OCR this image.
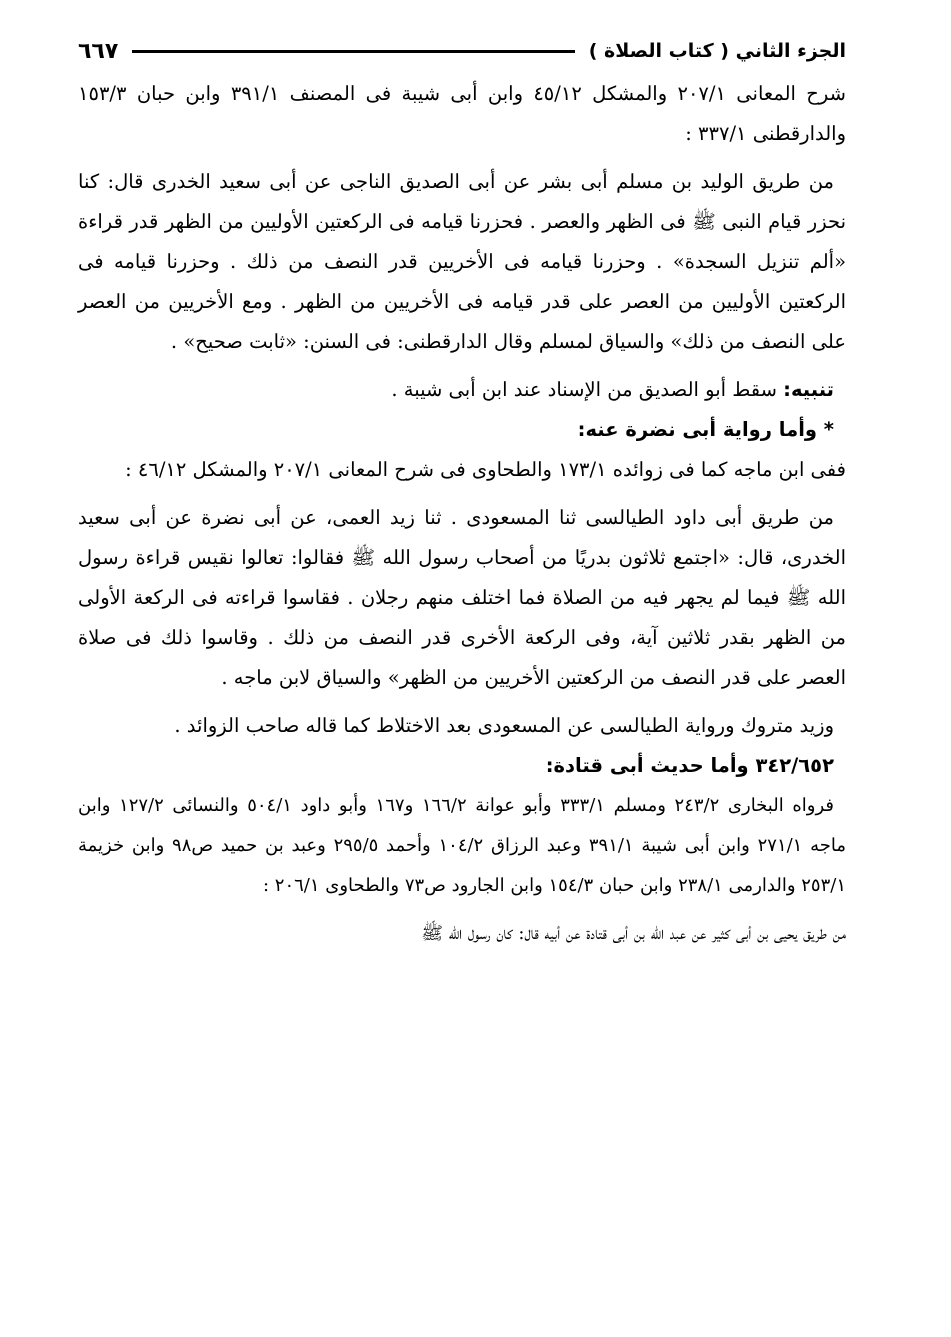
الجزء الثاني ( كتاب الصلاة )
٦٦٧

شرح المعانى ٢٠٧/١ والمشكل ٤٥/١٢ وابن أبى شيبة فى المصنف ٣٩١/١ وابن حبان ١٥٣/٣ والدارقطنى ٣٣٧/١ :

من طريق الوليد بن مسلم أبى بشر عن أبى الصديق الناجى عن أبى سعيد الخدرى قال: كنا نحزر قيام النبى ﷺ فى الظهر والعصر . فحزرنا قيامه فى الركعتين الأوليين من الظهر قدر قراءة «ألم تنزيل السجدة» . وحزرنا قيامه فى الأخريين قدر النصف من ذلك . وحزرنا قيامه فى الركعتين الأوليين من العصر على قدر قيامه فى الأخريين من الظهر . ومع الأخريين من العصر على النصف من ذلك» والسياق لمسلم وقال الدارقطنى: فى السنن: «ثابت صحيح» .

تنبيه: سقط أبو الصديق من الإسناد عند ابن أبى شيبة .

* وأما رواية أبى نضرة عنه:

ففى ابن ماجه كما فى زوائده ١٧٣/١ والطحاوى فى شرح المعانى ٢٠٧/١ والمشكل ٤٦/١٢ :

من طريق أبى داود الطيالسى ثنا المسعودى . ثنا زيد العمى، عن أبى نضرة عن أبى سعيد الخدرى، قال: «اجتمع ثلاثون بدريًا من أصحاب رسول الله ﷺ فقالوا: تعالوا نقيس قراءة رسول الله ﷺ فيما لم يجهر فيه من الصلاة فما اختلف منهم رجلان . فقاسوا قراءته فى الركعة الأولى من الظهر بقدر ثلاثين آية، وفى الركعة الأخرى قدر النصف من ذلك . وقاسوا ذلك فى صلاة العصر على قدر النصف من الركعتين الأخريين من الظهر» والسياق لابن ماجه .

وزيد متروك ورواية الطيالسى عن المسعودى بعد الاختلاط كما قاله صاحب الزوائد .

٣٤٢/٦٥٢ وأما حديث أبى قتادة:

فرواه البخارى ٢٤٣/٢ ومسلم ٣٣٣/١ وأبو عوانة ١٦٦/٢ و١٦٧ وأبو داود ٥٠٤/١ والنسائى ١٢٧/٢ وابن ماجه ٢٧١/١ وابن أبى شيبة ٣٩١/١ وعبد الرزاق ١٠٤/٢ وأحمد ٢٩٥/٥ وعبد بن حميد ص٩٨ وابن خزيمة ٢٥٣/١ والدارمى ٢٣٨/١ وابن حبان ١٥٤/٣ وابن الجارود ص٧٣ والطحاوى ٢٠٦/١ :

من طريق يحيى بن أبى كثير عن عبد الله بن أبى قتادة عن أبيه قال: كان رسول الله ﷺ
